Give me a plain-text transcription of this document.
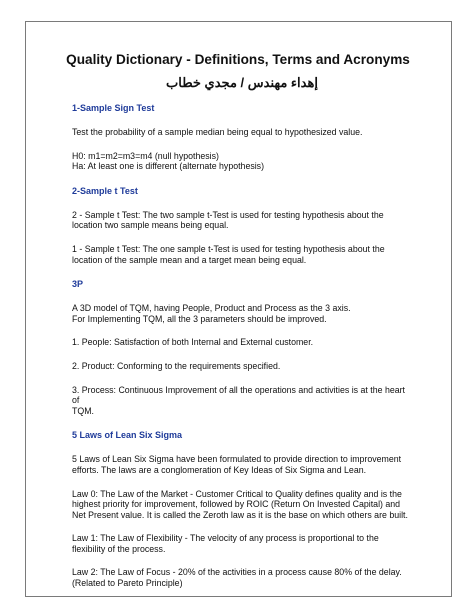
Quality Dictionary - Definitions, Terms and Acronyms
إهداء مهندس / مجدي خطاب
1-Sample Sign Test

Test the probability of a sample median being equal to hypothesized value.

H0: m1=m2=m3=m4 (null hypothesis)

Ha: At least one is different (alternate hypothesis)

2-Sample t Test

2 - Sample t Test: The two sample t-Test is used for testing hypothesis about the location two sample means being equal.

1 - Sample t Test: The one sample t-Test is used for testing hypothesis about the location of the sample mean and a target mean being equal.

3P

A 3D model of TQM, having People, Product and Process as the 3 axis.

For Implementing TQM, all the 3 parameters should be improved.

1. People: Satisfaction of both Internal and External customer.

2. Product: Conforming to the requirements specified.

3. Process: Continuous Improvement of all the operations and activities is at the heart of

TQM.

5 Laws of Lean Six Sigma

5 Laws of Lean Six Sigma have been formulated to provide direction to improvement efforts. The laws are a conglomeration of Key Ideas of Six Sigma and Lean.

Law 0: The Law of the Market - Customer Critical to Quality defines quality and is the highest priority for improvement, followed by ROIC (Return On Invested Capital) and Net Present value. It is called the Zeroth law as it is the base on which others are built.

Law 1: The Law of Flexibility - The velocity of any process is proportional to the flexibility of the process.

Law 2: The Law of Focus - 20% of the activities in a process cause 80% of the delay. (Related to Pareto Principle)
